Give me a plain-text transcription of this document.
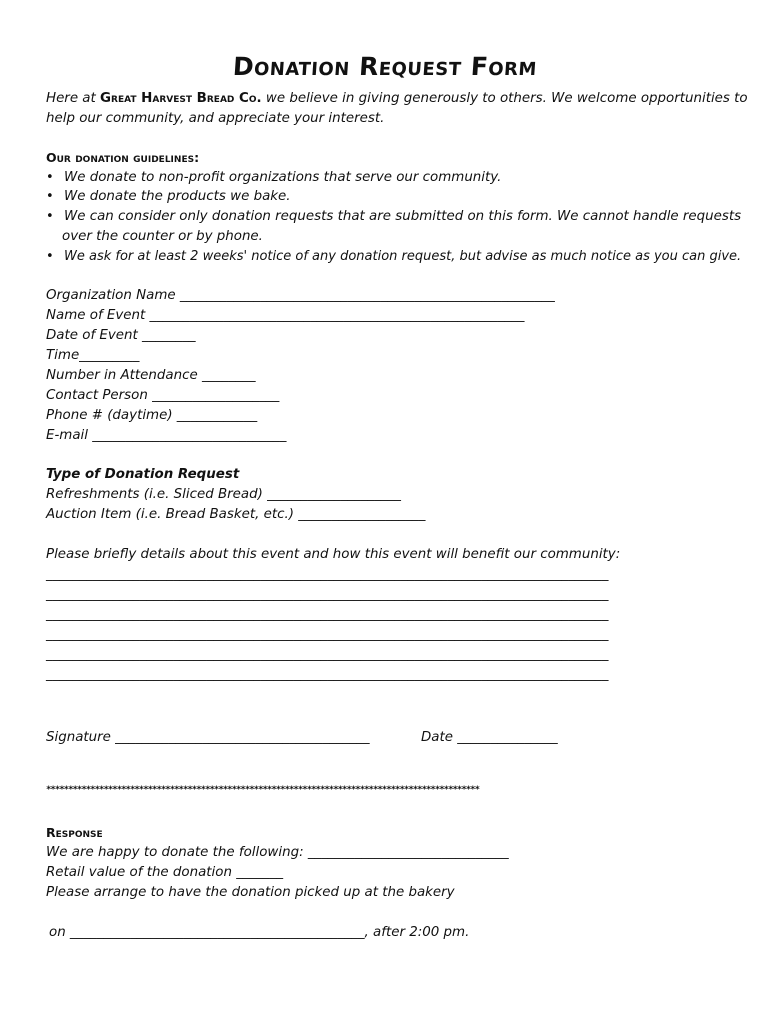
Donation Request Form
Here at Great Harvest Bread Co. we believe in giving generously to others. We welcome opportunities to
help our community, and appreciate your interest.
Our donation guidelines:
• We donate to non-profit organizations that serve our community.
• We donate the products we bake.
• We can consider only donation requests that are submitted on this form. We cannot handle requests
over the counter or by phone.
• We ask for at least 2 weeks' notice of any donation request, but advise as much notice as you can give.
Organization Name ________________________________________________________
Name of Event ________________________________________________________
Date of Event ________
Time_________
Number in Attendance ________
Contact Person ___________________
Phone # (daytime) ____________
E-mail _____________________________
Type of Donation Request
Refreshments (i.e. Sliced Bread) ____________________
Auction Item (i.e. Bread Basket, etc.) ___________________
Please briefly details about this event and how this event will benefit our community:
____________________________________________________________________________________
____________________________________________________________________________________
____________________________________________________________________________________
____________________________________________________________________________________
____________________________________________________________________________________
____________________________________________________________________________________
Signature ______________________________________	Date _______________
**************************************************************************************************
Response
We are happy to donate the following: ______________________________
Retail value of the donation _______
Please arrange to have the donation picked up at the bakery
on ____________________________________________, after 2:00 pm.
